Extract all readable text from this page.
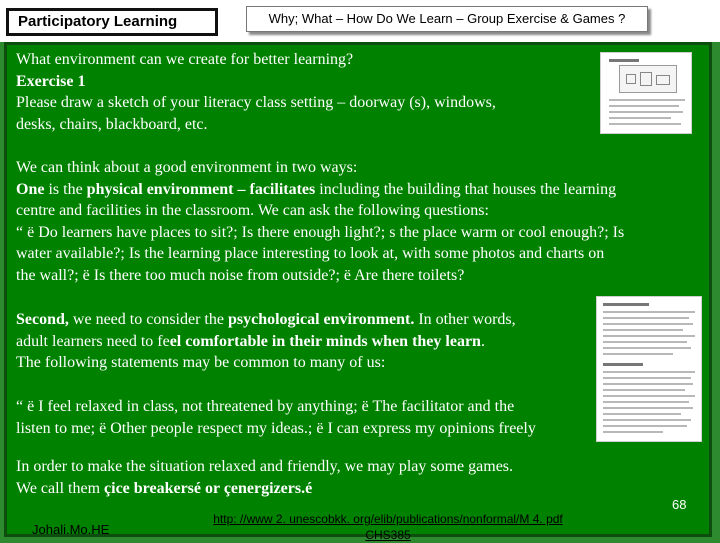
Participatory Learning	Why; What – How Do We Learn – Group Exercise & Games ?

What environment can we create for better learning?
Exercise 1
Please draw a sketch of your literacy class setting – doorway (s), windows,
desks, chairs, blackboard, etc.

We can think about a good environment in two ways:
One is the physical environment – facilitates including the building that houses the learning
centre and facilities in the classroom. We can ask the following questions:
“ ë Do learners have places to sit?; Is there enough light?; s the place warm or cool enough?; Is
water available?; Is the learning place interesting to look at, with some photos and charts on
the wall?; ë Is there too much noise from outside?; ë Are there toilets?

Second, we need to consider the psychological environment. In other words,
adult learners need to feel comfortable in their minds when they learn.
The following statements may be common to many of us:

“ ë I feel relaxed in class, not threatened by anything; ë The facilitator and the
listen to me; ë Other people respect my ideas.; ë I can express my opinions freely

In order to make the situation relaxed and friendly, we may play some games.
We call them çice breakersé or çenergizers.é

68
Johali.Mo.HE
http: //www 2. unescobkk. org/elib/publications/nonformal/M 4. pdf
CHS385
